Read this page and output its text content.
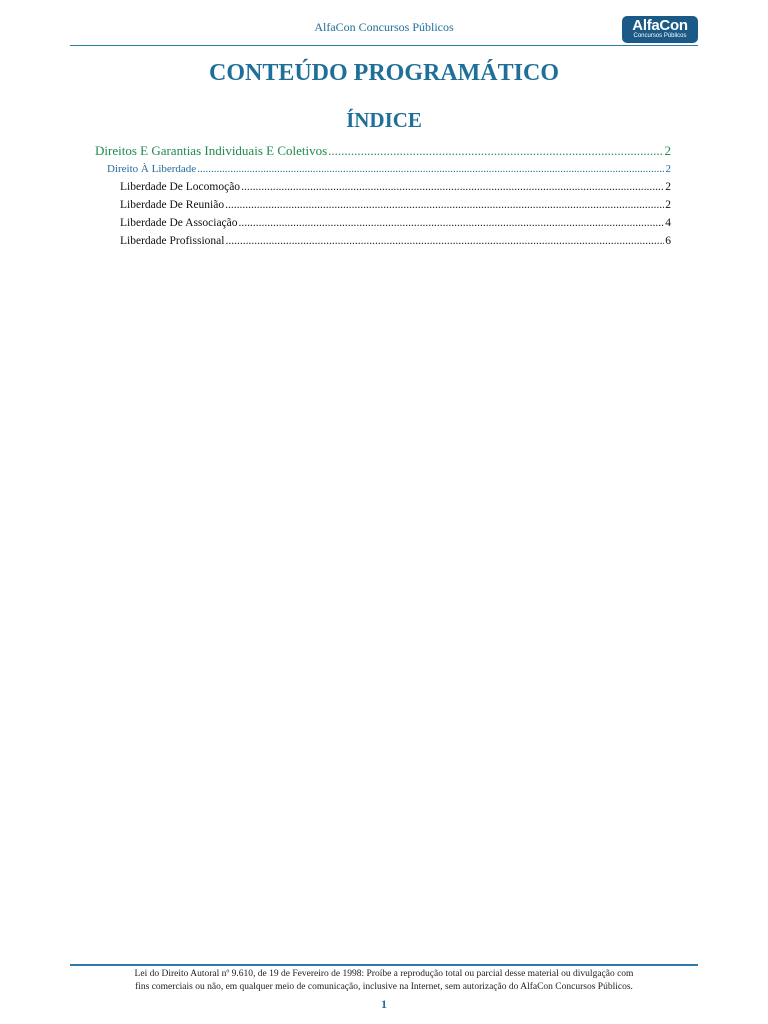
AlfaCon Concursos Públicos	AlfaCon
Concursos Públicos
CONTEÚDO PROGRAMÁTICO
ÍNDICE
Direitos E Garantias Individuais E Coletivos .....	2
Direito À Liberdade .....	2
Liberdade De Locomoção .....	2
Liberdade De Reunião .....	2
Liberdade De Associação .....	4
Liberdade Profissional .....	6
Lei do Direito Autoral nº 9.610, de 19 de Fevereiro de 1998: Proíbe a reprodução total ou parcial desse material ou divulgação com
fins comerciais ou não, em qualquer meio de comunicação, inclusive na Internet, sem autorização do AlfaCon Concursos Públicos.
1
